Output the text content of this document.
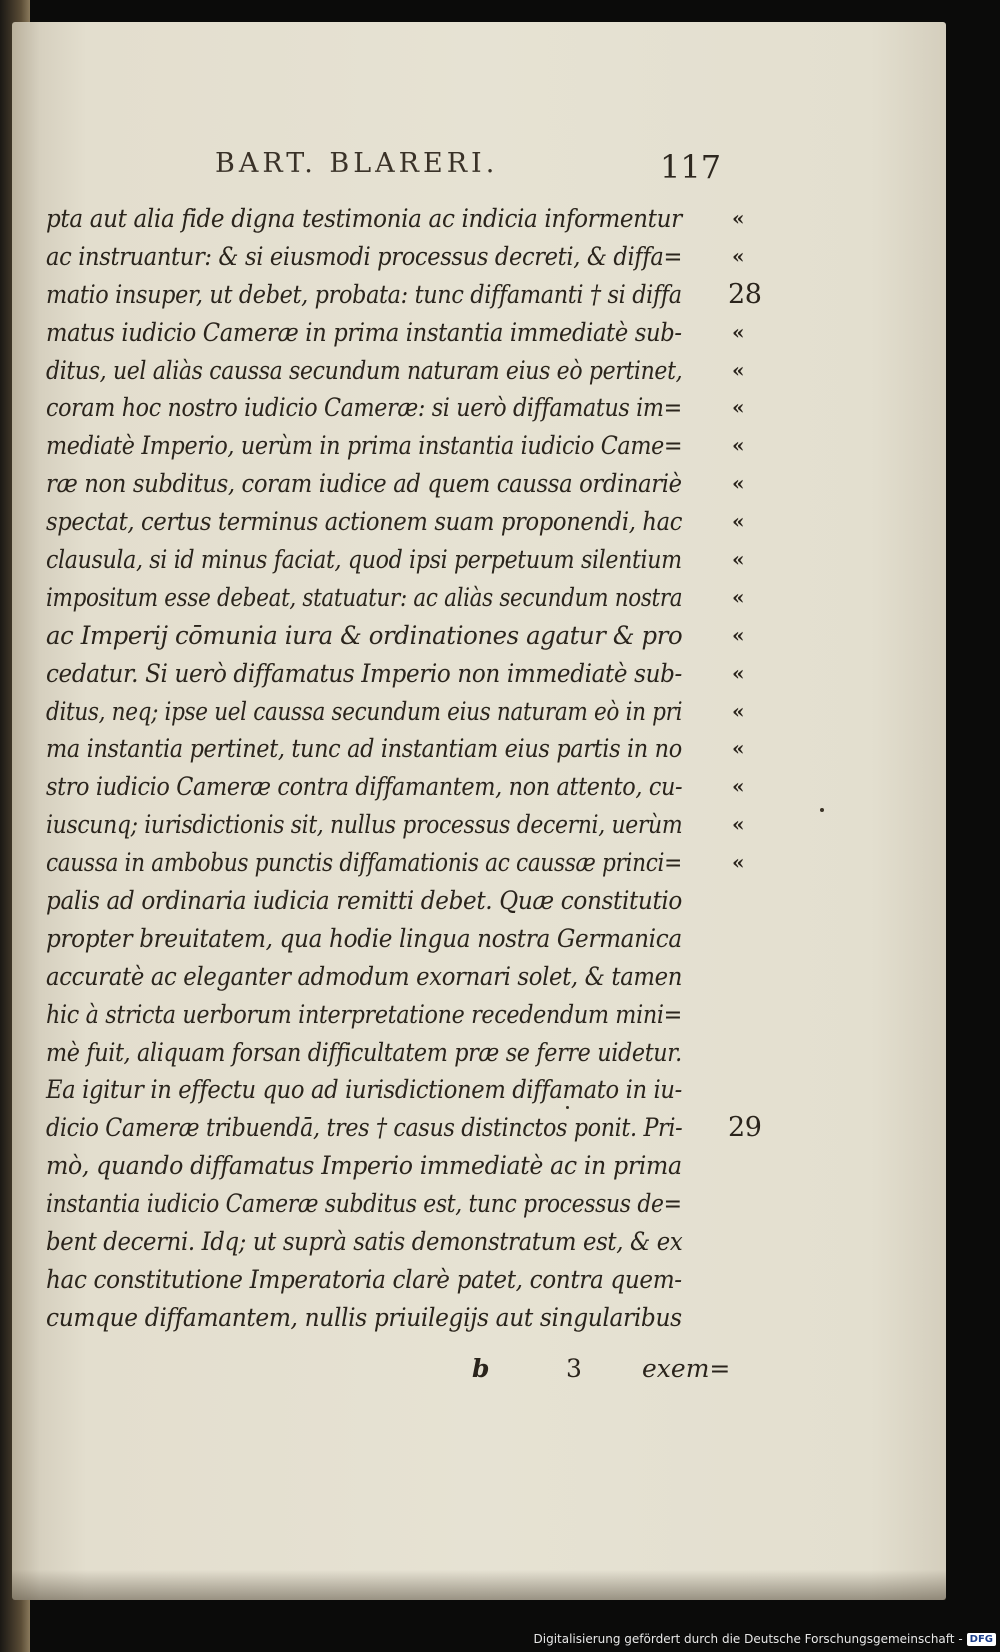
BART. BLARERI.	117
pta aut alia fide digna testimonia ac indicia informentur	«
ac instruantur: & si eiusmodi processus decreti, & diffa= «
matio insuper, ut debet, probata: tunc diffamanti † si diffa 28
matus iudicio Cameræ in prima instantia immediatè sub-	«
ditus, uel aliàs caussa secundum naturam eius eò pertinet, «
coram hoc nostro iudicio Cameræ: si uerò diffamatus im=	«
mediatè Imperio, uerùm in prima instantia iudicio Came= «
ræ non subditus, coram iudice ad quem caussa ordinariè	«
spectat, certus terminus actionem suam proponendi, hac «
clausula, si id minus faciat, quod ipsi perpetuum silentium	«
impositum esse debeat, statuatur: ac aliàs secundum nostra «
ac Imperij cōmunia iura & ordinationes agatur & pro «
cedatur. Si uerò diffamatus Imperio non immediatè sub-	«
ditus, neq; ipse uel caussa secundum eius naturam eò in pri «
ma instantia pertinet, tunc ad instantiam eius partis in no	«
stro iudicio Cameræ contra diffamantem, non attento, cu- «
iuscunq; iurisdictionis sit, nullus processus decerni, uerùm «
caussa in ambobus punctis diffamationis ac caussæ princi=	«
palis ad ordinaria iudicia remitti debet. Quæ constitutio
propter breuitatem, qua hodie lingua nostra Germanica
accuratè ac eleganter admodum exornari solet, & tamen
hic à stricta uerborum interpretatione recedendum mini=
mè fuit, aliquam forsan difficultatem præ se ferre uidetur.
Ea igitur in effectu quo ad iurisdictionem diffamato in iu-
dicio Cameræ tribuendā, tres † casus distinctos ponit. Pri- 29
mò, quando diffamatus Imperio immediatè ac in prima
instantia iudicio Cameræ subditus est, tunc processus de=
bent decerni. Idq; ut suprà satis demonstratum est, & ex
hac constitutione Imperatoria clarè patet, contra quem-
cumque diffamantem, nullis priuilegijs aut singularibus
b	3 exem=
Digitalisierung gefördert durch die Deutsche Forschungsgemeinschaft - DFG
